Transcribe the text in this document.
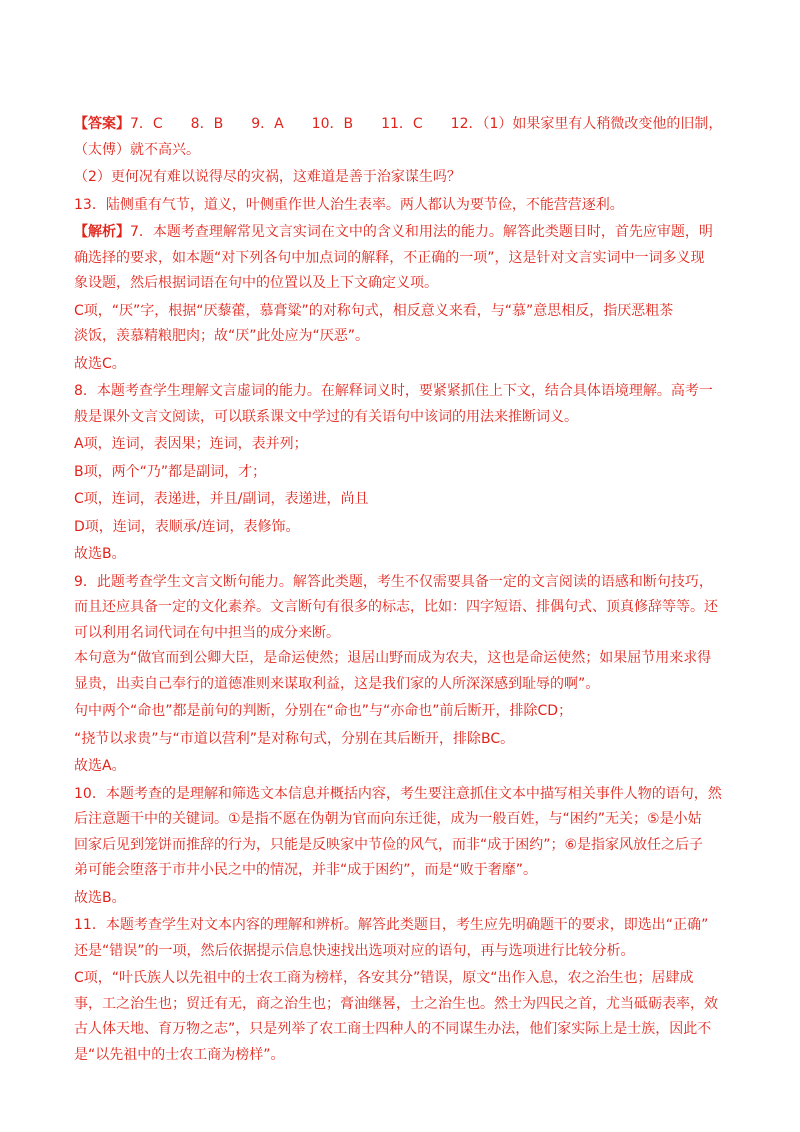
【答案】7．C　　8．B　　9．A　　10．B　　11．C　　12．（1）如果家里有人稍微改变他的旧制，
（太傅）就不高兴。
（2）更何况有难以说得尽的灾祸，这难道是善于治家谋生吗？
13．陆侧重有气节，道义，叶侧重作世人治生表率。两人都认为要节俭，不能营营逐利。
【解析】7．本题考查理解常见文言实词在文中的含义和用法的能力。解答此类题目时，首先应审题，明
确选择的要求，如本题“对下列各句中加点词的解释，不正确的一项”，这是针对文言实词中一词多义现
象设题，然后根据词语在句中的位置以及上下文确定义项。
C项，“厌”字，根据“厌藜藿，慕膏粱”的对称句式，相反意义来看，与“慕”意思相反，指厌恶粗茶
淡饭，羡慕精粮肥肉；故“厌”此处应为“厌恶”。
故选C。
8．本题考查学生理解文言虚词的能力。在解释词义时，要紧紧抓住上下文，结合具体语境理解。高考一
般是课外文言文阅读，可以联系课文中学过的有关语句中该词的用法来推断词义。
A项，连词，表因果；连词，表并列；
B项，两个“乃”都是副词，才；
C项，连词，表递进，并且/副词，表递进，尚且
D项，连词，表顺承/连词，表修饰。
故选B。
9．此题考查学生文言文断句能力。解答此类题，考生不仅需要具备一定的文言阅读的语感和断句技巧，
而且还应具备一定的文化素养。文言断句有很多的标志，比如：四字短语、排偶句式、顶真修辞等等。还
可以利用名词代词在句中担当的成分来断。
本句意为“做官而到公卿大臣，是命运使然；退居山野而成为农夫，这也是命运使然；如果屈节用来求得
显贵，出卖自己奉行的道德准则来谋取利益，这是我们家的人所深深感到耻辱的啊”。
句中两个“命也”都是前句的判断，分别在“命也”与“亦命也”前后断开，排除CD；
“挠节以求贵”与“市道以营利”是对称句式，分别在其后断开，排除BC。
故选A。
10．本题考查的是理解和筛选文本信息并概括内容，考生要注意抓住文本中描写相关事件人物的语句，然
后注意题干中的关键词。①是指不愿在伪朝为官而向东迁徙，成为一般百姓，与“困约”无关；⑤是小姑
回家后见到笼饼而推辞的行为，只能是反映家中节俭的风气，而非“成于困约”；⑥是指家风放任之后子
弟可能会堕落于市井小民之中的情况，并非“成于困约”，而是“败于奢靡”。
故选B。
11．本题考查学生对文本内容的理解和辨析。解答此类题目，考生应先明确题干的要求，即选出“正确”
还是“错误”的一项，然后依据提示信息快速找出选项对应的语句，再与选项进行比较分析。
C项，“叶氏族人以先祖中的士农工商为榜样，各安其分”错误，原文“出作入息，农之治生也；居肆成
事，工之治生也；贸迁有无，商之治生也；膏油继晷，士之治生也。然士为四民之首，尤当砥砺表率，效
古人体天地、育万物之志”，只是列举了农工商士四种人的不同谋生办法，他们家实际上是士族，因此不
是“以先祖中的士农工商为榜样”。
